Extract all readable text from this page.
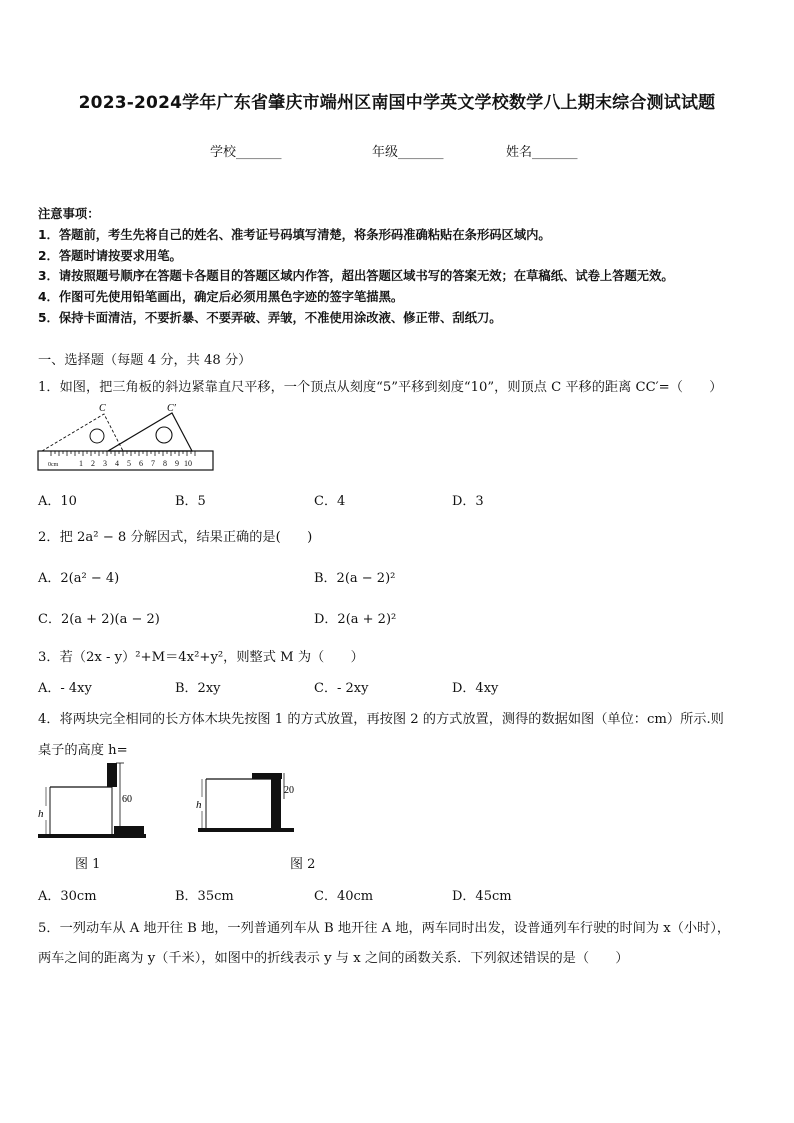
2023-2024学年广东省肇庆市端州区南国中学英文学校数学八上期末综合测试试题
学校_______	年级_______	姓名_______
注意事项：
1．答题前，考生先将自己的姓名、准考证号码填写清楚，将条形码准确粘贴在条形码区域内。
2．答题时请按要求用笔。
3．请按照题号顺序在答题卡各题目的答题区域内作答，超出答题区域书写的答案无效；在草稿纸、试卷上答题无效。
4．作图可先使用铅笔画出，确定后必须用黑色字迹的签字笔描黑。
5．保持卡面清洁，不要折暴、不要弄破、弄皱，不准使用涂改液、修正带、刮纸刀。
一、选择题（每题 4 分，共 48 分）
1．如图，把三角板的斜边紧靠直尺平移，一个顶点从刻度“5”平移到刻度“10”，则顶点 C 平移的距离 CC′=（　　）
0cm	1 2 3 4 5 6 7 8 9 10
C	C′
A．10	B．5	C．4	D．3
2．把 2a² − 8 分解因式，结果正确的是(　　)
A．2(a² − 4)	B．2(a − 2)²
C．2(a + 2)(a − 2)	D．2(a + 2)²
3．若（2x - y）²+M＝4x²+y²，则整式 M 为（　　）
A．- 4xy	B．2xy	C．- 2xy	D．4xy
4．将两块完全相同的长方体木块先按图 1 的方式放置，再按图 2 的方式放置，测得的数据如图（单位：cm）所示.则
桌子的高度 h=
60
h
图 1
20
h
图 2
A．30cm	B．35cm	C．40cm	D．45cm
5．一列动车从 A 地开往 B 地，一列普通列车从 B 地开往 A 地，两车同时出发，设普通列车行驶的时间为 x（小时），
两车之间的距离为 y（千米），如图中的折线表示 y 与 x 之间的函数关系．下列叙述错误的是（　　）
